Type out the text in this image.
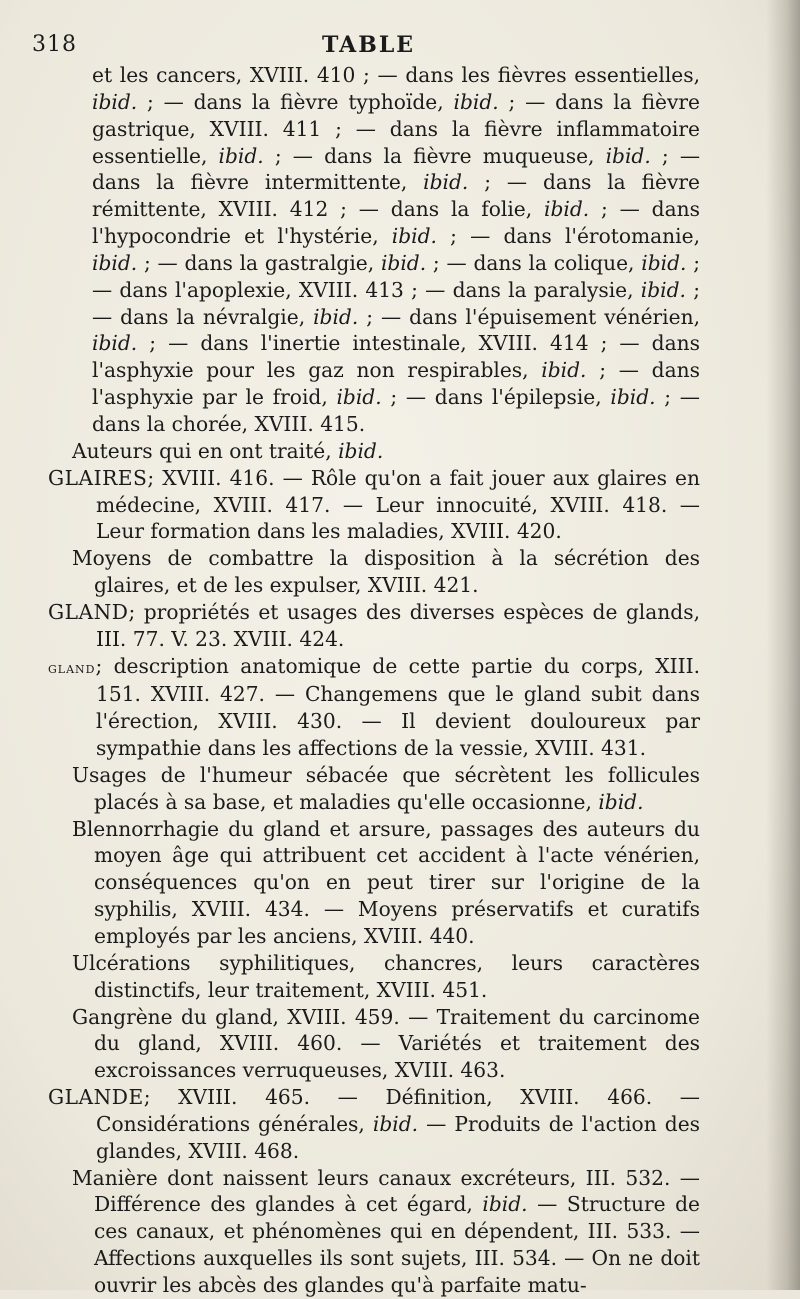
318	TABLE

et les cancers, XVIII. 410 ; — dans les fièvres essentielles, ibid. ; — dans la fièvre typhoïde, ibid. ; — dans la fièvre gastrique, XVIII. 411 ; — dans la fièvre inflammatoire essentielle, ibid. ; — dans la fièvre muqueuse, ibid. ; — dans la fièvre intermittente, ibid. ; — dans la fièvre rémittente, XVIII. 412 ; — dans la folie, ibid. ; — dans l'hypocondrie et l'hystérie, ibid. ; — dans l'érotomanie, ibid. ; — dans la gastralgie, ibid. ; — dans la colique, ibid. ; — dans l'apoplexie, XVIII. 413 ; — dans la paralysie, ibid. ; — dans la névralgie, ibid. ; — dans l'épuisement vénérien, ibid. ; — dans l'inertie intestinale, XVIII. 414 ; — dans l'asphyxie pour les gaz non respirables, ibid. ; — dans l'asphyxie par le froid, ibid. ; — dans l'épilepsie, ibid. ; — dans la chorée, XVIII. 415.

Auteurs qui en ont traité, ibid.

GLAIRES; XVIII. 416. — Rôle qu'on a fait jouer aux glaires en médecine, XVIII. 417. — Leur innocuité, XVIII. 418. — Leur formation dans les maladies, XVIII. 420.

Moyens de combattre la disposition à la sécrétion des glaires, et de les expulser, XVIII. 421.

GLAND; propriétés et usages des diverses espèces de glands, III. 77. V. 23. XVIII. 424.

gland; description anatomique de cette partie du corps, XIII. 151. XVIII. 427. — Changemens que le gland subit dans l'érection, XVIII. 430. — Il devient douloureux par sympathie dans les affections de la vessie, XVIII. 431.

Usages de l'humeur sébacée que sécrètent les follicules placés à sa base, et maladies qu'elle occasionne, ibid.

Blennorrhagie du gland et arsure, passages des auteurs du moyen âge qui attribuent cet accident à l'acte vénérien, conséquences qu'on en peut tirer sur l'origine de la syphilis, XVIII. 434. — Moyens préservatifs et curatifs employés par les anciens, XVIII. 440.

Ulcérations syphilitiques, chancres, leurs caractères distinctifs, leur traitement, XVIII. 451.

Gangrène du gland, XVIII. 459. — Traitement du carcinome du gland, XVIII. 460. — Variétés et traitement des excroissances verruqueuses, XVIII. 463.

GLANDE; XVIII. 465. — Définition, XVIII. 466. — Considérations générales, ibid. — Produits de l'action des glandes, XVIII. 468.

Manière dont naissent leurs canaux excréteurs, III. 532. — Différence des glandes à cet égard, ibid. — Structure de ces canaux, et phénomènes qui en dépendent, III. 533. — Affections auxquelles ils sont sujets, III. 534. — On ne doit ouvrir les abcès des glandes qu'à parfaite matu-
